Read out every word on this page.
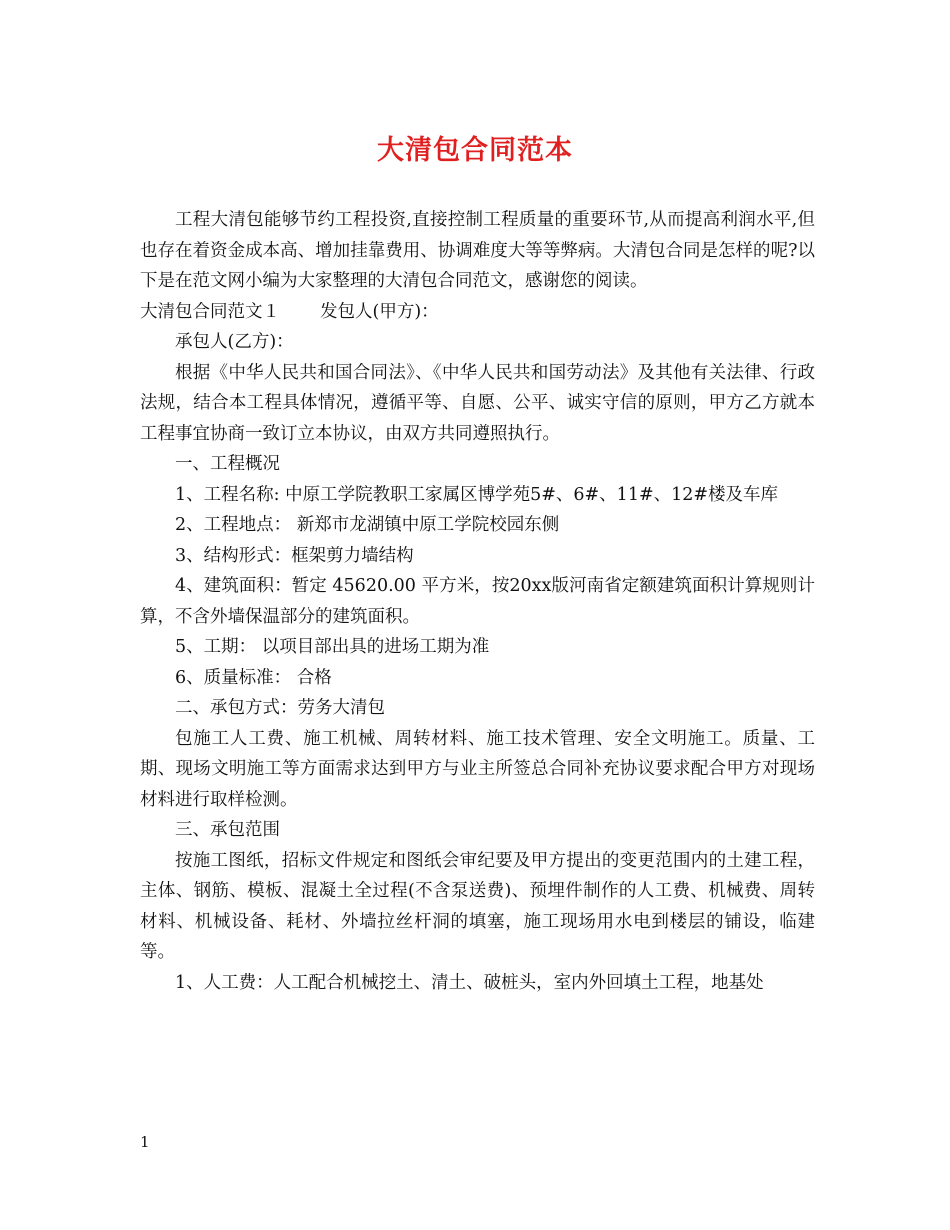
大清包合同范本

工程大清包能够节约工程投资,直接控制工程质量的重要环节,从而提高利润水平,但也存在着资金成本高、增加挂靠费用、协调难度大等等弊病。大清包合同是怎样的呢?以下是在范文网小编为大家整理的大清包合同范文，感谢您的阅读。

大清包合同范文１ 发包人(甲方)：

承包人(乙方)：

根据《中华人民共和国合同法》、《中华人民共和国劳动法》及其他有关法律、行政法规，结合本工程具体情况，遵循平等、自愿、公平、诚实守信的原则，甲方乙方就本工程事宜协商一致订立本协议，由双方共同遵照执行。

一、工程概况

1、工程名称: 中原工学院教职工家属区博学苑5#、6#、11#、12#楼及车库

2、工程地点： 新郑市龙湖镇中原工学院校园东侧

3、结构形式：框架剪力墙结构

4、建筑面积：暂定 45620.00 平方米，按20xx版河南省定额建筑面积计算规则计算，不含外墙保温部分的建筑面积。

5、工期： 以项目部出具的进场工期为准

6、质量标准： 合格

二、承包方式：劳务大清包

包施工人工费、施工机械、周转材料、施工技术管理、安全文明施工。质量、工期、现场文明施工等方面需求达到甲方与业主所签总合同补充协议要求配合甲方对现场材料进行取样检测。

三、承包范围

按施工图纸，招标文件规定和图纸会审纪要及甲方提出的变更范围内的土建工程，主体、钢筋、模板、混凝土全过程(不含泵送费)、预埋件制作的人工费、机械费、周转材料、机械设备、耗材、外墙拉丝杆洞的填塞，施工现场用水电到楼层的铺设，临建等。

1、人工费：人工配合机械挖土、清土、破桩头，室内外回填土工程，地基处

1
